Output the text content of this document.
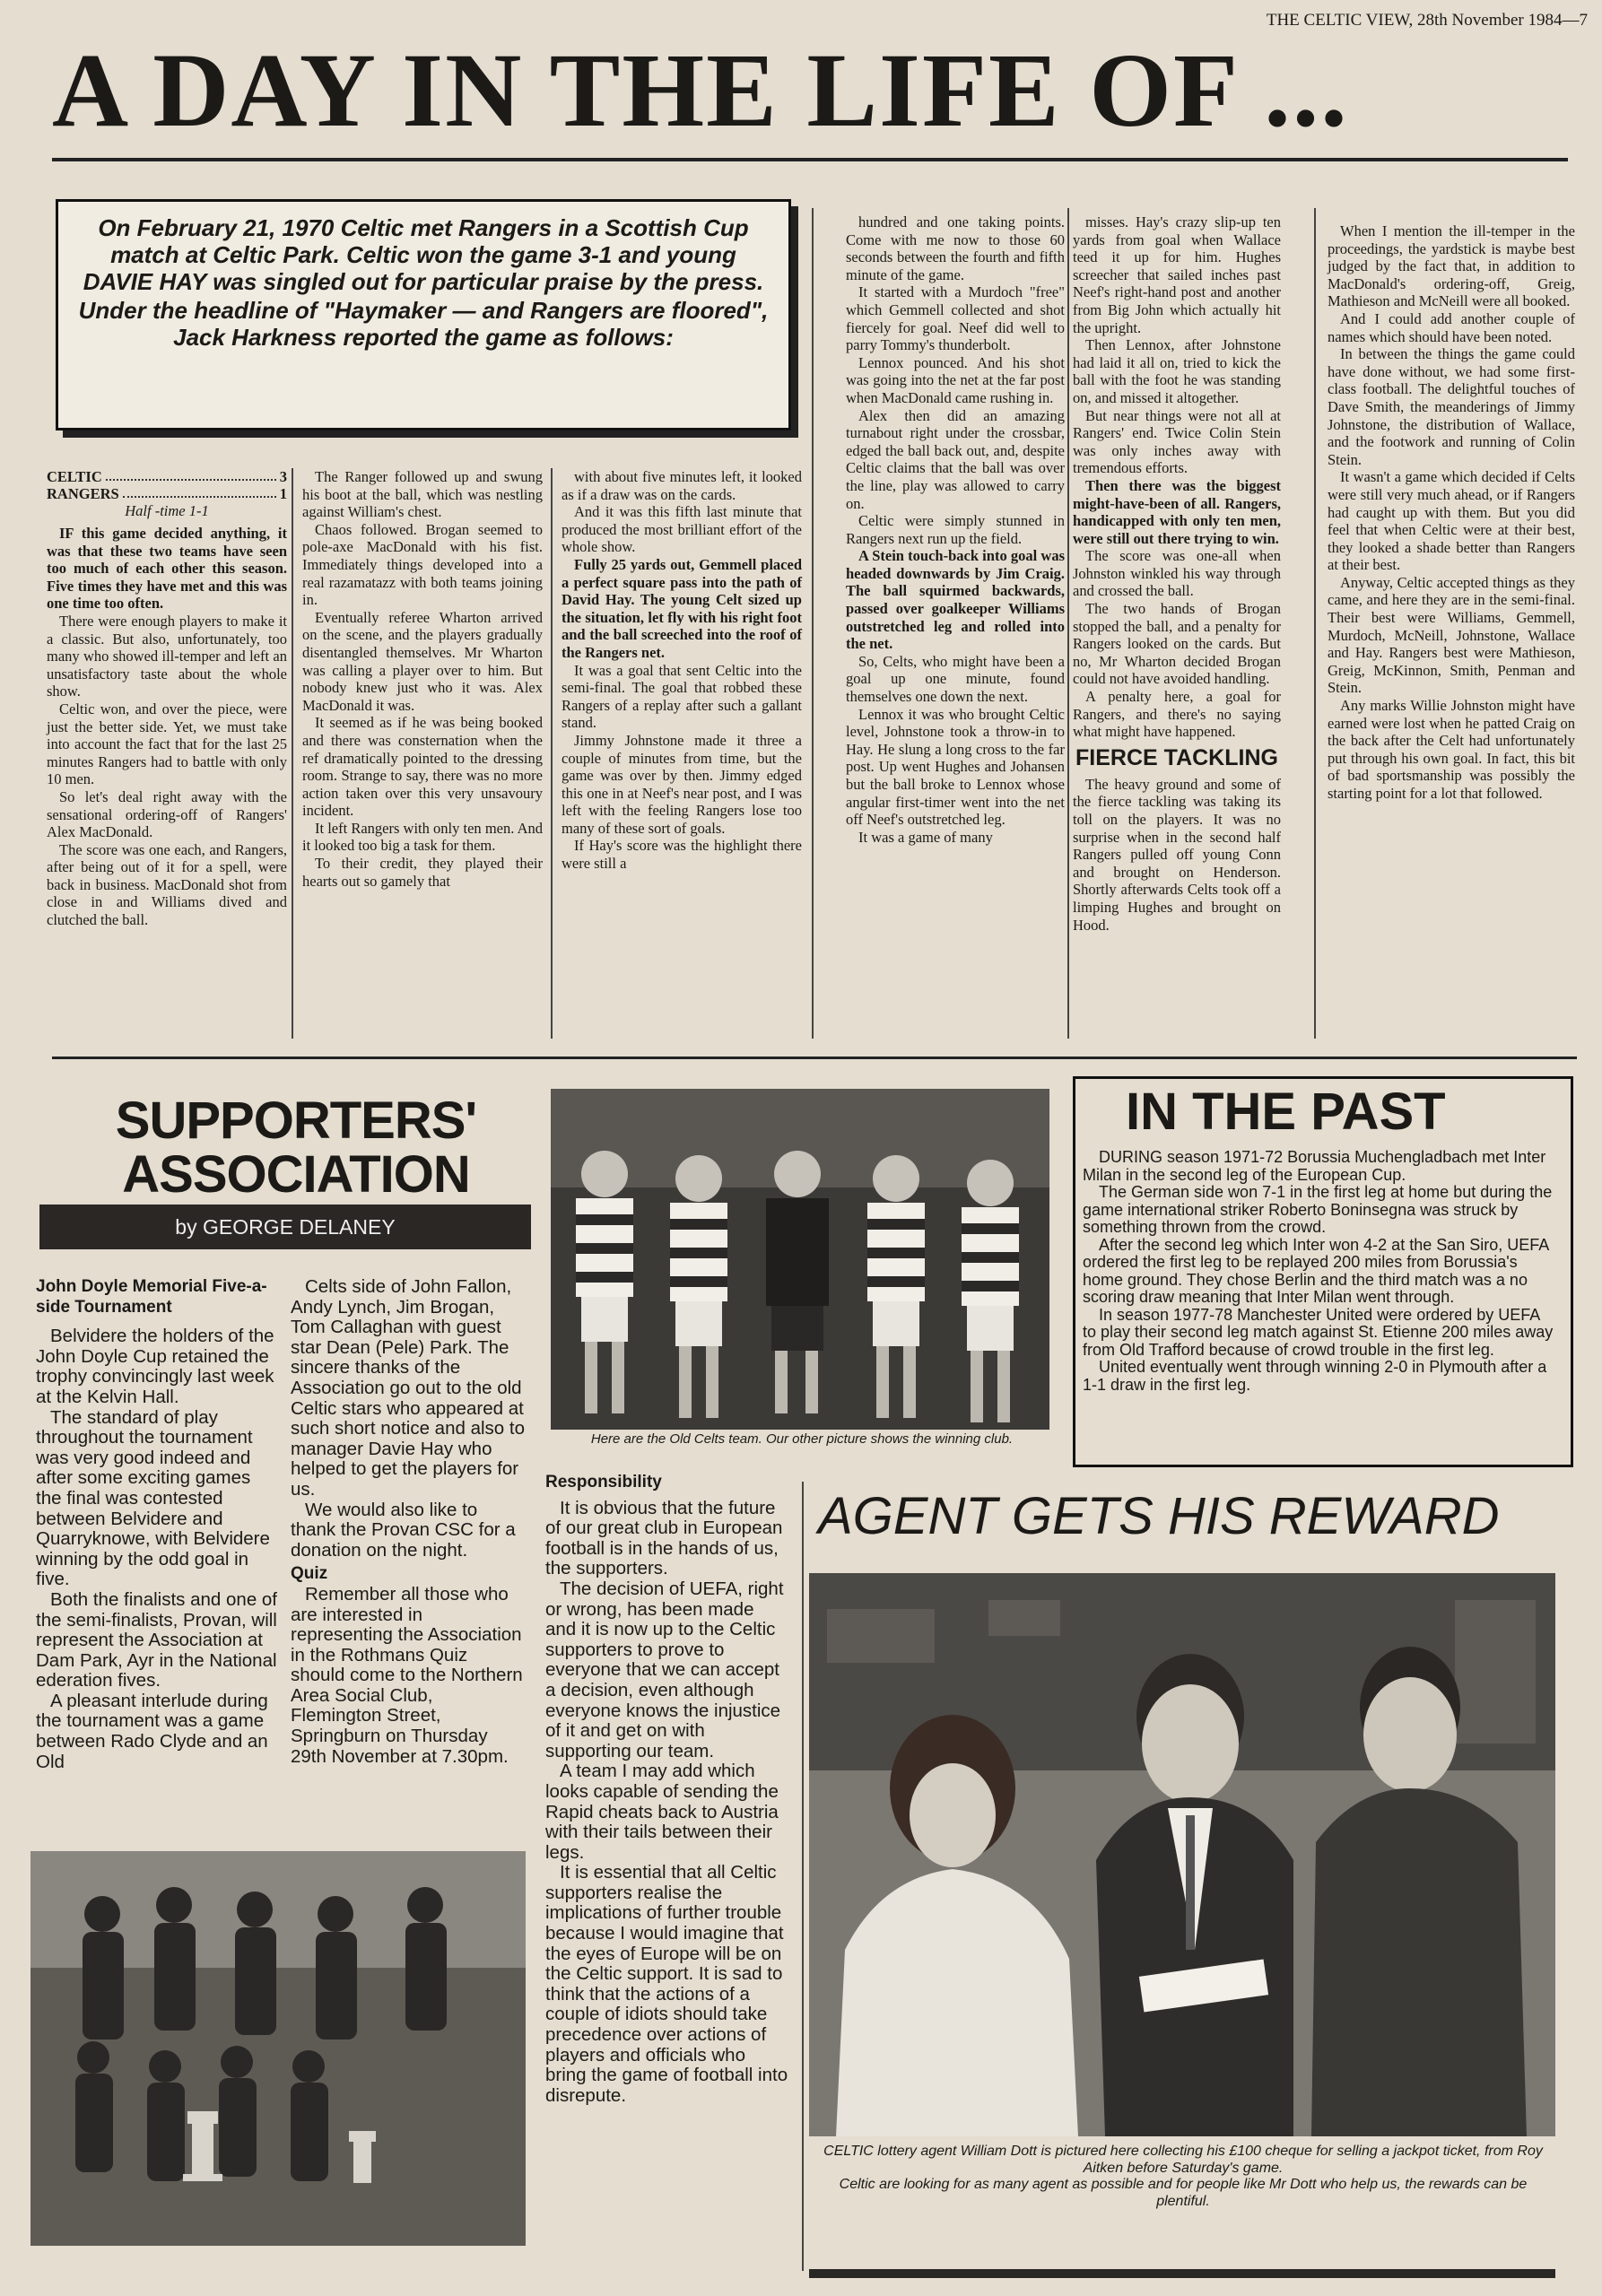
THE CELTIC VIEW, 28th November 1984—7
A DAY IN THE LIFE OF ...
On February 21, 1970 Celtic met Rangers in a Scottish Cup match at Celtic Park. Celtic won the game 3-1 and young DAVIE HAY was singled out for particular praise by the press.
Under the headline of "Haymaker — and Rangers are floored", Jack Harkness reported the game as follows:
CELTIC	3
RANGERS	1
Half -time 1-1

IF this game decided anything, it was that these two teams have seen too much of each other this season. Five times they have met and this was one time too often.

There were enough players to make it a classic. But also, unfortunately, too many who showed ill-temper and left an unsatisfactory taste about the whole show.

Celtic won, and over the piece, were just the better side. Yet, we must take into account the fact that for the last 25 minutes Rangers had to battle with only 10 men.

So let's deal right away with the sensational ordering-off of Rangers' Alex MacDonald.

The score was one each, and Rangers, after being out of it for a spell, were back in business. MacDonald shot from close in and Williams dived and clutched the ball.

The Ranger followed up and swung his boot at the ball, which was nestling against William's chest.

Chaos followed. Brogan seemed to pole-axe MacDonald with his fist. Immediately things developed into a real razamatazz with both teams joining in.

Eventually referee Wharton arrived on the scene, and the players gradually disentangled themselves. Mr Wharton was calling a player over to him. But nobody knew just who it was. Alex MacDonald it was.

It seemed as if he was being booked and there was consternation when the ref dramatically pointed to the dressing room. Strange to say, there was no more action taken over this very unsavoury incident.

It left Rangers with only ten men. And it looked too big a task for them.

To their credit, they played their hearts out so gamely that

with about five minutes left, it looked as if a draw was on the cards.

And it was this fifth last minute that produced the most brilliant effort of the whole show.

Fully 25 yards out, Gemmell placed a perfect square pass into the path of David Hay. The young Celt sized up the situation, let fly with his right foot and the ball screeched into the roof of the Rangers net.

It was a goal that sent Celtic into the semi-final. The goal that robbed these Rangers of a replay after such a gallant stand.

Jimmy Johnstone made it three a couple of minutes from time, but the game was over by then. Jimmy edged this one in at Neef's near post, and I was left with the feeling Rangers lose too many of these sort of goals.

If Hay's score was the highlight there were still a

hundred and one taking points. Come with me now to those 60 seconds between the fourth and fifth minute of the game.

It started with a Murdoch "free" which Gemmell collected and shot fiercely for goal. Neef did well to parry Tommy's thunderbolt.

Lennox pounced. And his shot was going into the net at the far post when MacDonald came rushing in.

Alex then did an amazing turnabout right under the crossbar, edged the ball back out, and, despite Celtic claims that the ball was over the line, play was allowed to carry on.

Celtic were simply stunned in Rangers next run up the field.

A Stein touch-back into goal was headed downwards by Jim Craig. The ball squirmed backwards, passed over goalkeeper Williams outstretched leg and rolled into the net.

So, Celts, who might have been a goal up one minute, found themselves one down the next.

Lennox it was who brought Celtic level, Johnstone took a throw-in to Hay. He slung a long cross to the far post. Up went Hughes and Johansen but the ball broke to Lennox whose angular first-timer went into the net off Neef's outstretched leg.

It was a game of many

misses. Hay's crazy slip-up ten yards from goal when Wallace teed it up for him. Hughes screecher that sailed inches past Neef's right-hand post and another from Big John which actually hit the upright.

Then Lennox, after Johnstone had laid it all on, tried to kick the ball with the foot he was standing on, and missed it altogether.

But near things were not all at Rangers' end. Twice Colin Stein was only inches away with tremendous efforts.

Then there was the biggest might-have-been of all. Rangers, handicapped with only ten men, were still out there trying to win.

The score was one-all when Johnston winkled his way through and crossed the ball.

The two hands of Brogan stopped the ball, and a penalty for Rangers looked on the cards. But no, Mr Wharton decided Brogan could not have avoided handling.

A penalty here, a goal for Rangers, and there's no saying what might have happened.

FIERCE TACKLING

The heavy ground and some of the fierce tackling was taking its toll on the players. It was no surprise when in the second half Rangers pulled off young Conn and brought on Henderson. Shortly afterwards Celts took off a limping Hughes and brought on Hood.

When I mention the ill-temper in the proceedings, the yardstick is maybe best judged by the fact that, in addition to MacDonald's ordering-off, Greig, Mathieson and McNeill were all booked.

And I could add another couple of names which should have been noted.

In between the things the game could have done without, we had some first-class football. The delightful touches of Dave Smith, the meanderings of Jimmy Johnstone, the distribution of Wallace, and the footwork and running of Colin Stein.

It wasn't a game which decided if Celts were still very much ahead, or if Rangers had caught up with them. But you did feel that when Celtic were at their best, they looked a shade better than Rangers at their best.

Anyway, Celtic accepted things as they came, and here they are in the semi-final. Their best were Williams, Gemmell, Murdoch, McNeill, Johnstone, Wallace and Hay. Rangers best were Mathieson, Greig, McKinnon, Smith, Penman and Stein.

Any marks Willie Johnston might have earned were lost when he patted Craig on the back after the Celt had unfortunately put through his own goal. In fact, this bit of bad sportsmanship was possibly the starting point for a lot that followed.

SUPPORTERS'
ASSOCIATION
by GEORGE DELANEY
John Doyle Memorial Five-a-side Tournament

Belvidere the holders of the John Doyle Cup retained the trophy convincingly last week at the Kelvin Hall.

The standard of play throughout the tournament was very good indeed and after some exciting games the final was contested between Belvidere and Quarryknowe, with Belvidere winning by the odd goal in five.

Both the finalists and one of the semi-finalists, Provan, will represent the Association at Dam Park, Ayr in the National ederation fives.

A pleasant interlude during the tournament was a game between Rado Clyde and an Old

Celts side of John Fallon, Andy Lynch, Jim Brogan, Tom Callaghan with guest star Dean (Pele) Park. The sincere thanks of the Association go out to the old Celtic stars who appeared at such short notice and also to manager Davie Hay who helped to get the players for us.

We would also like to thank the Provan CSC for a donation on the night.

Quiz

Remember all those who are interested in representing the Association in the Rothmans Quiz should come to the Northern Area Social Club, Flemington Street, Springburn on Thursday 29th November at 7.30pm.

Here are the Old Celts team. Our other picture shows the winning club.
Responsibility

It is obvious that the future of our great club in European football is in the hands of us, the supporters.

The decision of UEFA, right or wrong, has been made and it is now up to the Celtic supporters to prove to everyone that we can accept a decision, even although everyone knows the injustice of it and get on with supporting our team.

A team I may add which looks capable of sending the Rapid cheats back to Austria with their tails between their legs.

It is essential that all Celtic supporters realise the implications of further trouble because I would imagine that the eyes of Europe will be on the Celtic support. It is sad to think that the actions of a couple of idiots should take precedence over actions of players and officials who bring the game of football into disrepute.

IN THE PAST

DURING season 1971-72 Borussia Muchengladbach met Inter Milan in the second leg of the European Cup.

The German side won 7-1 in the first leg at home but during the game international striker Roberto Boninsegna was struck by something thrown from the crowd.

After the second leg which Inter won 4-2 at the San Siro, UEFA ordered the first leg to be replayed 200 miles from Borussia's home ground. They chose Berlin and the third match was a no scoring draw meaning that Inter Milan went through.

In season 1977-78 Manchester United were ordered by UEFA to play their second leg match against St. Etienne 200 miles away from Old Trafford because of crowd trouble in the first leg.

United eventually went through winning 2-0 in Plymouth after a 1-1 draw in the first leg.

AGENT GETS HIS REWARD
CELTIC lottery agent William Dott is pictured here collecting his £100 cheque for selling a jackpot ticket, from Roy Aitken before Saturday's game.
Celtic are looking for as many agent as possible and for people like Mr Dott who help us, the rewards can be plentiful.
